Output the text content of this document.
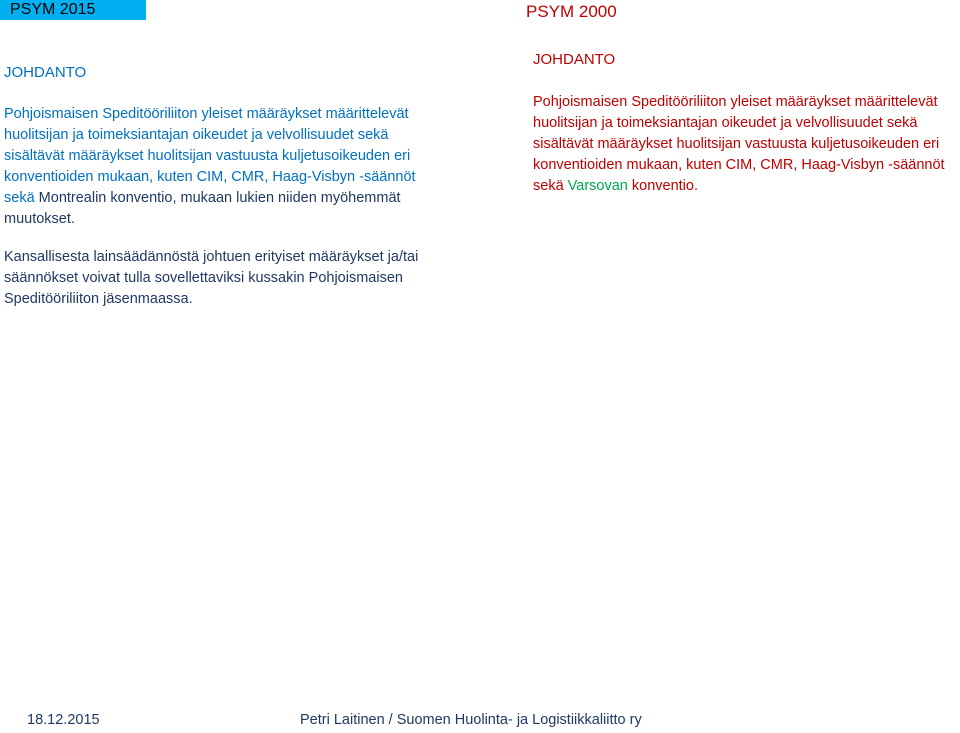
PSYM 2015	PSYM 2000
JOHDANTO
Pohjoismaisen Speditööriliiton yleiset määräykset määrittelevät huolitsijan ja toimeksiantajan oikeudet ja velvollisuudet sekä sisältävät määräykset huolitsijan vastuusta kuljetusoikeuden eri konventioiden mukaan, kuten CIM, CMR, Haag-Visbyn -säännöt sekä Montrealin konventio, mukaan lukien niiden myöhemmät muutokset.
Kansallisesta lainsäädännöstä johtuen erityiset määräykset ja/tai säännökset voivat tulla sovellettaviksi kussakin Pohjoismaisen Speditööriliiton jäsenmaassa.
JOHDANTO
Pohjoismaisen Speditööriliiton yleiset määräykset määrittelevät huolitsijan ja toimeksiantajan oikeudet ja velvollisuudet sekä sisältävät määräykset huolitsijan vastuusta kuljetusoikeuden eri konventioiden mukaan, kuten CIM, CMR, Haag-Visbyn -säännöt sekä Varsovan konventio.
18.12.2015	Petri Laitinen / Suomen Huolinta- ja Logistiikkaliitto ry
